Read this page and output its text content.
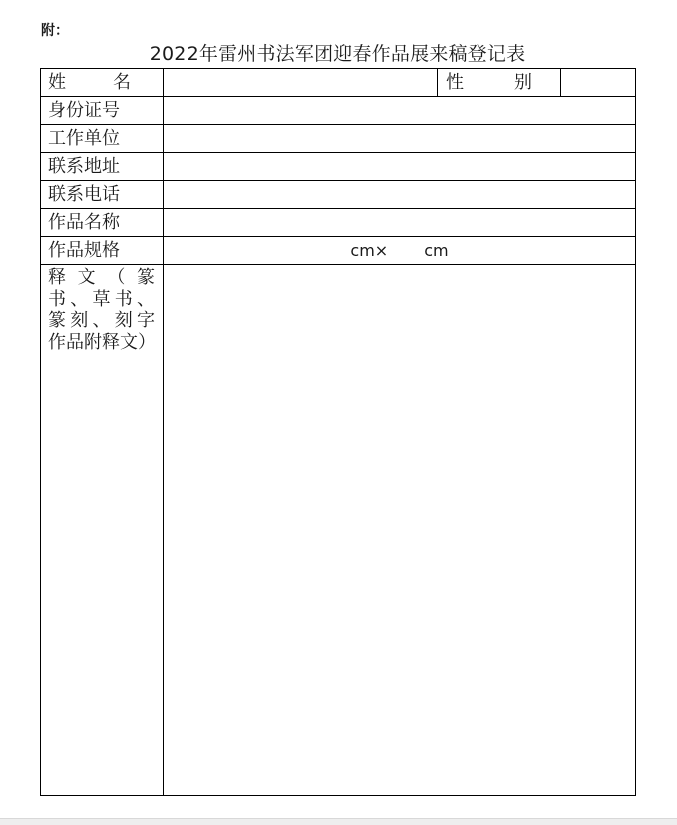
附：
2022年雷州书法军团迎春作品展来稿登记表
姓 名		性 别	

身份证号			
工作单位			
联系地址			
联系电话			
作品名称			
作品规格	cm× cm		

释文（篆书、草书、篆刻、刻字作品附释文）			
